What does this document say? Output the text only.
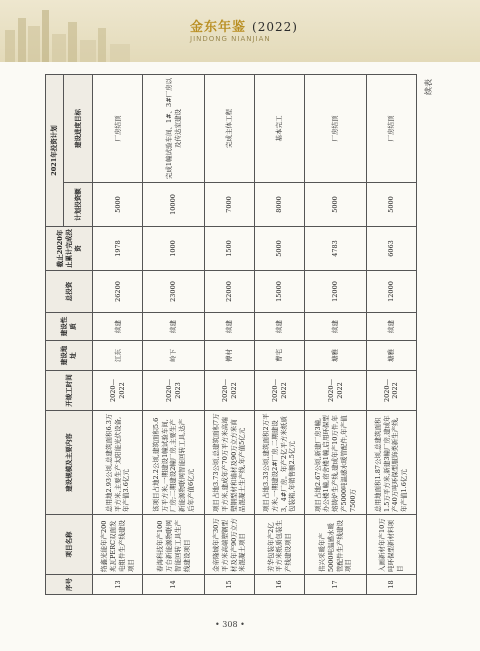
金东年鉴 (2022)
JINDONG NIANJIAN
序号	项目名称	建设规模及主要内容	开竣工时间	建设地址	建设性质	总投资	截止2020年止累计完成投资	2021年投资计划	
								计划投资额	建设进度目标
13	络鑫光能年产200兆瓦PERC双面发电组件生产线建设项目	总用地2.93公顷,总建筑面积6.3万平方米,主要生产太阳能光伏设备,年产值3.6亿元	2020—2022	江东	续建	26200	1978	5000	厂房结顶
14	春海科技年产100万台新能源物联网智能回转工具生产线建设项目	该项目占地2.2公顷,建筑面积5.6万平方米,一期建设1幢试验车间,厂房;二期建设2幢厂房,主要生产新能源物联网智能回转工具,达产后年产值6亿元	2020—2023	岭下	续建	23000	1000	10000	完成1幢试验车间、1#、3#厂房以及传达室建设
15	金帝隆城年产30万平方米高端塑钢型材及年产90万立方米混凝土项目	项目占地3.73公顷,总建筑面积7万平方米,建成年产70万平方米高端塑钢型材和墙材及90万立方米商品混凝土生产线,年产值5亿元	2020—2022	傅村	续建	22000	1500	7000	完成主体工程
16	芳华包装年产2亿平方米纸质包装生产线建设项目	项目占地3.33公顷,建筑面积2万平方米,一期建设2#厂房,二期建设3、4#厂房。年产2亿平方米纸质包装箱,年销售额2.5亿元	2020—2022	曹宅	续建	15000	5000	8000	基本完工
17	伟兴采暖年产5000吨温感水暖管配件生产线建设项目	项目占地2.67公顷,新建厂房3幢,办公楼1幢,宿舍楼1幢,启用环保型熔铸炉生产线,建成年产10万件,年产5000吨温感水暖管配件,年产值7500万	2020—2022	塘雅	续建	12000	4783	5000	厂房结顶
18	入画新材年产10万吨环保型新材料项目	总用地面积1.87公顷,总建筑面积1.5万平方米,新建3幢厂房,建成年产40万吨环保型服饰类新生产线,年产值1.6亿元	2020—2022	塘雅	续建	12000	6063	5000	厂房结顶
续表
• 308 •
